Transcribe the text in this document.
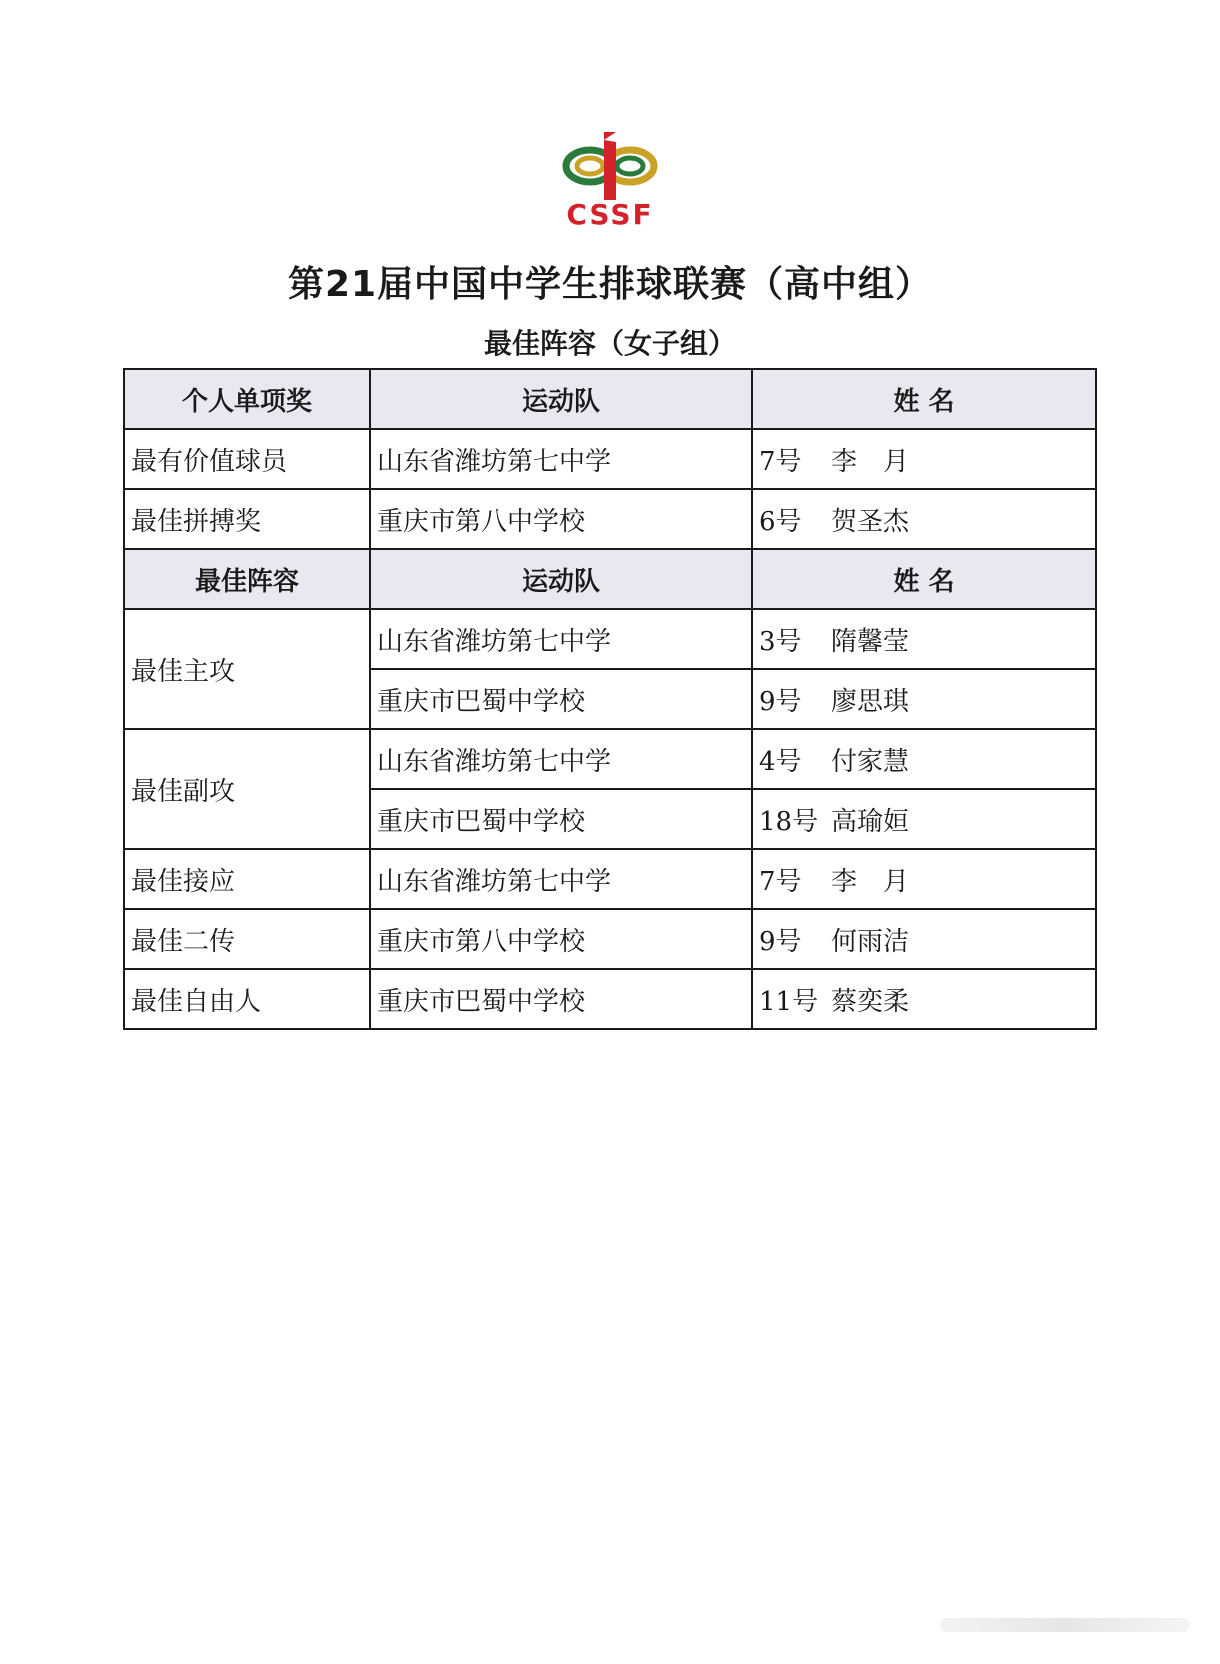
CSSF
第21届中国中学生排球联赛（高中组）
最佳阵容（女子组）
个人单项奖	运动队	姓 名
最有价值球员	山东省潍坊第七中学	7号 李　月
最佳拼搏奖	重庆市第八中学校	6号 贺圣杰
最佳阵容	运动队	姓 名
最佳主攻	山东省潍坊第七中学	3号 隋馨莹
	重庆市巴蜀中学校	9号 廖思琪
最佳副攻	山东省潍坊第七中学	4号 付家慧
	重庆市巴蜀中学校	18号 高瑜姮
最佳接应	山东省潍坊第七中学	7号 李　月
最佳二传	重庆市第八中学校	9号 何雨洁
最佳自由人	重庆市巴蜀中学校	11号 蔡奕柔
